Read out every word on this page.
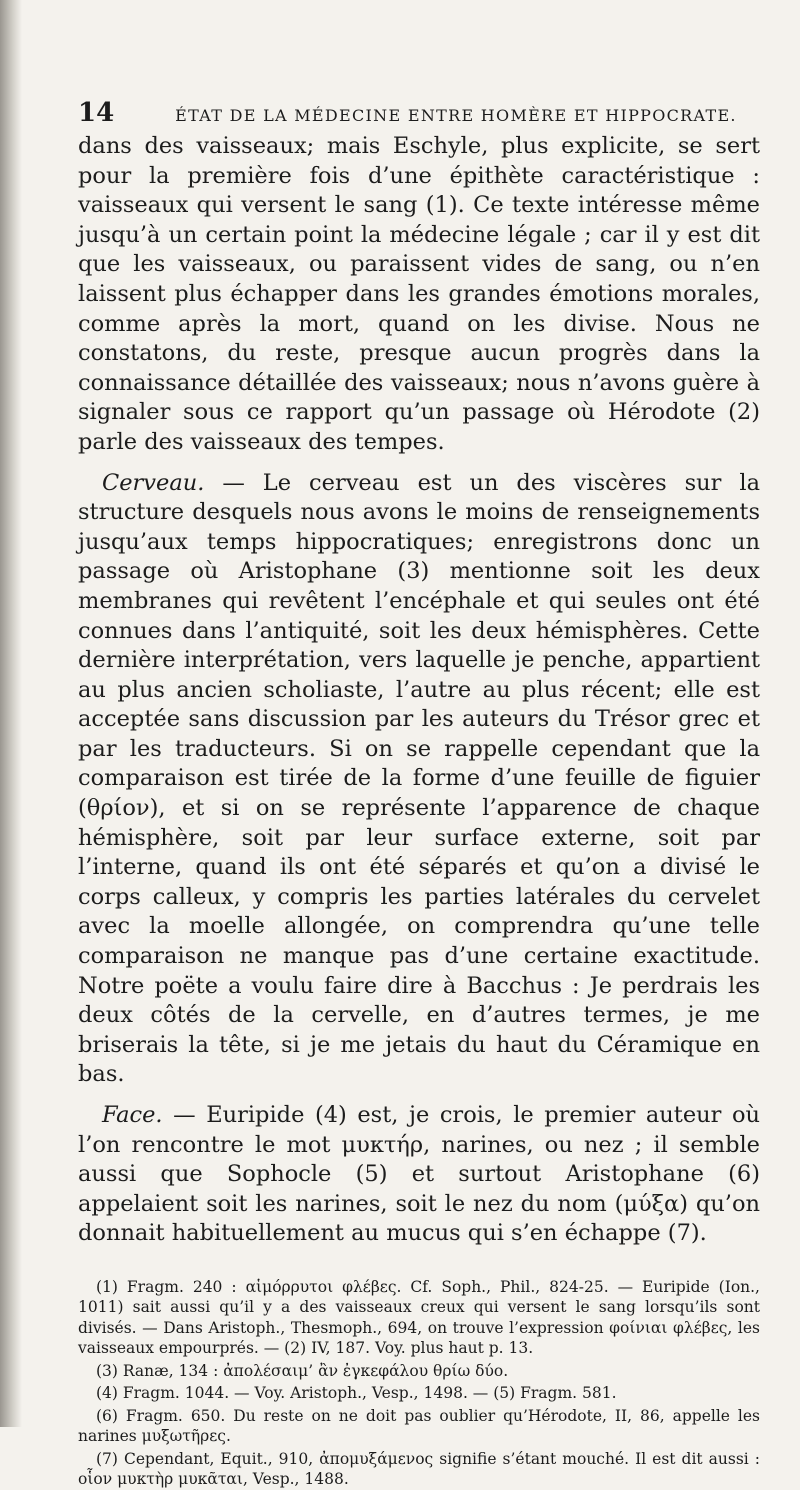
14	ÉTAT DE LA MÉDECINE ENTRE HOMÈRE ET HIPPOCRATE.

dans des vaisseaux; mais Eschyle, plus explicite, se sert pour la première fois d’une épithète caractéristique : vaisseaux qui versent le sang (1). Ce texte intéresse même jusqu’à un certain point la médecine légale ; car il y est dit que les vaisseaux, ou paraissent vides de sang, ou n’en laissent plus échapper dans les grandes émotions morales, comme après la mort, quand on les divise. Nous ne constatons, du reste, presque aucun progrès dans la connaissance détaillée des vaisseaux; nous n’avons guère à signaler sous ce rapport qu’un passage où Hérodote (2) parle des vaisseaux des tempes.

Cerveau. — Le cerveau est un des viscères sur la structure desquels nous avons le moins de renseignements jusqu’aux temps hippocratiques; enregistrons donc un passage où Aristophane (3) mentionne soit les deux membranes qui revêtent l’encéphale et qui seules ont été connues dans l’antiquité, soit les deux hémisphères. Cette dernière interprétation, vers laquelle je penche, appartient au plus ancien scholiaste, l’autre au plus récent; elle est acceptée sans discussion par les auteurs du Trésor grec et par les traducteurs. Si on se rappelle cependant que la comparaison est tirée de la forme d’une feuille de figuier (θρίον), et si on se représente l’apparence de chaque hémisphère, soit par leur surface externe, soit par l’interne, quand ils ont été séparés et qu’on a divisé le corps calleux, y compris les parties latérales du cervelet avec la moelle allongée, on comprendra qu’une telle comparaison ne manque pas d’une certaine exactitude. Notre poëte a voulu faire dire à Bacchus : Je perdrais les deux côtés de la cervelle, en d’autres termes, je me briserais la tête, si je me jetais du haut du Céramique en bas.

Face. — Euripide (4) est, je crois, le premier auteur où l’on rencontre le mot μυκτήρ, narines, ou nez ; il semble aussi que Sophocle (5) et surtout Aristophane (6) appelaient soit les narines, soit le nez du nom (μύξα) qu’on donnait habituellement au mucus qui s’en échappe (7).

(1) Fragm. 240 : αἱμόρρυτοι φλέβες. Cf. Soph., Phil., 824-25. — Euripide (Ion., 1011) sait aussi qu’il y a des vaisseaux creux qui versent le sang lorsqu’ils sont divisés. — Dans Aristoph., Thesmoph., 694, on trouve l’expression φοίνιαι φλέβες, les vaisseaux empourprés. — (2) IV, 187. Voy. plus haut p. 13.

(3) Ranæ, 134 : ἀπολέσαιμ’ ἂν ἐγκεφάλου θρίω δύο.

(4) Fragm. 1044. — Voy. Aristoph., Vesp., 1498. — (5) Fragm. 581.

(6) Fragm. 650. Du reste on ne doit pas oublier qu’Hérodote, II, 86, appelle les narines μυξωτῆρες.

(7) Cependant, Equit., 910, ἀπομυξάμενος signifie s’étant mouché. Il est dit aussi : οἷον μυκτὴρ μυκᾶται, Vesp., 1488.
